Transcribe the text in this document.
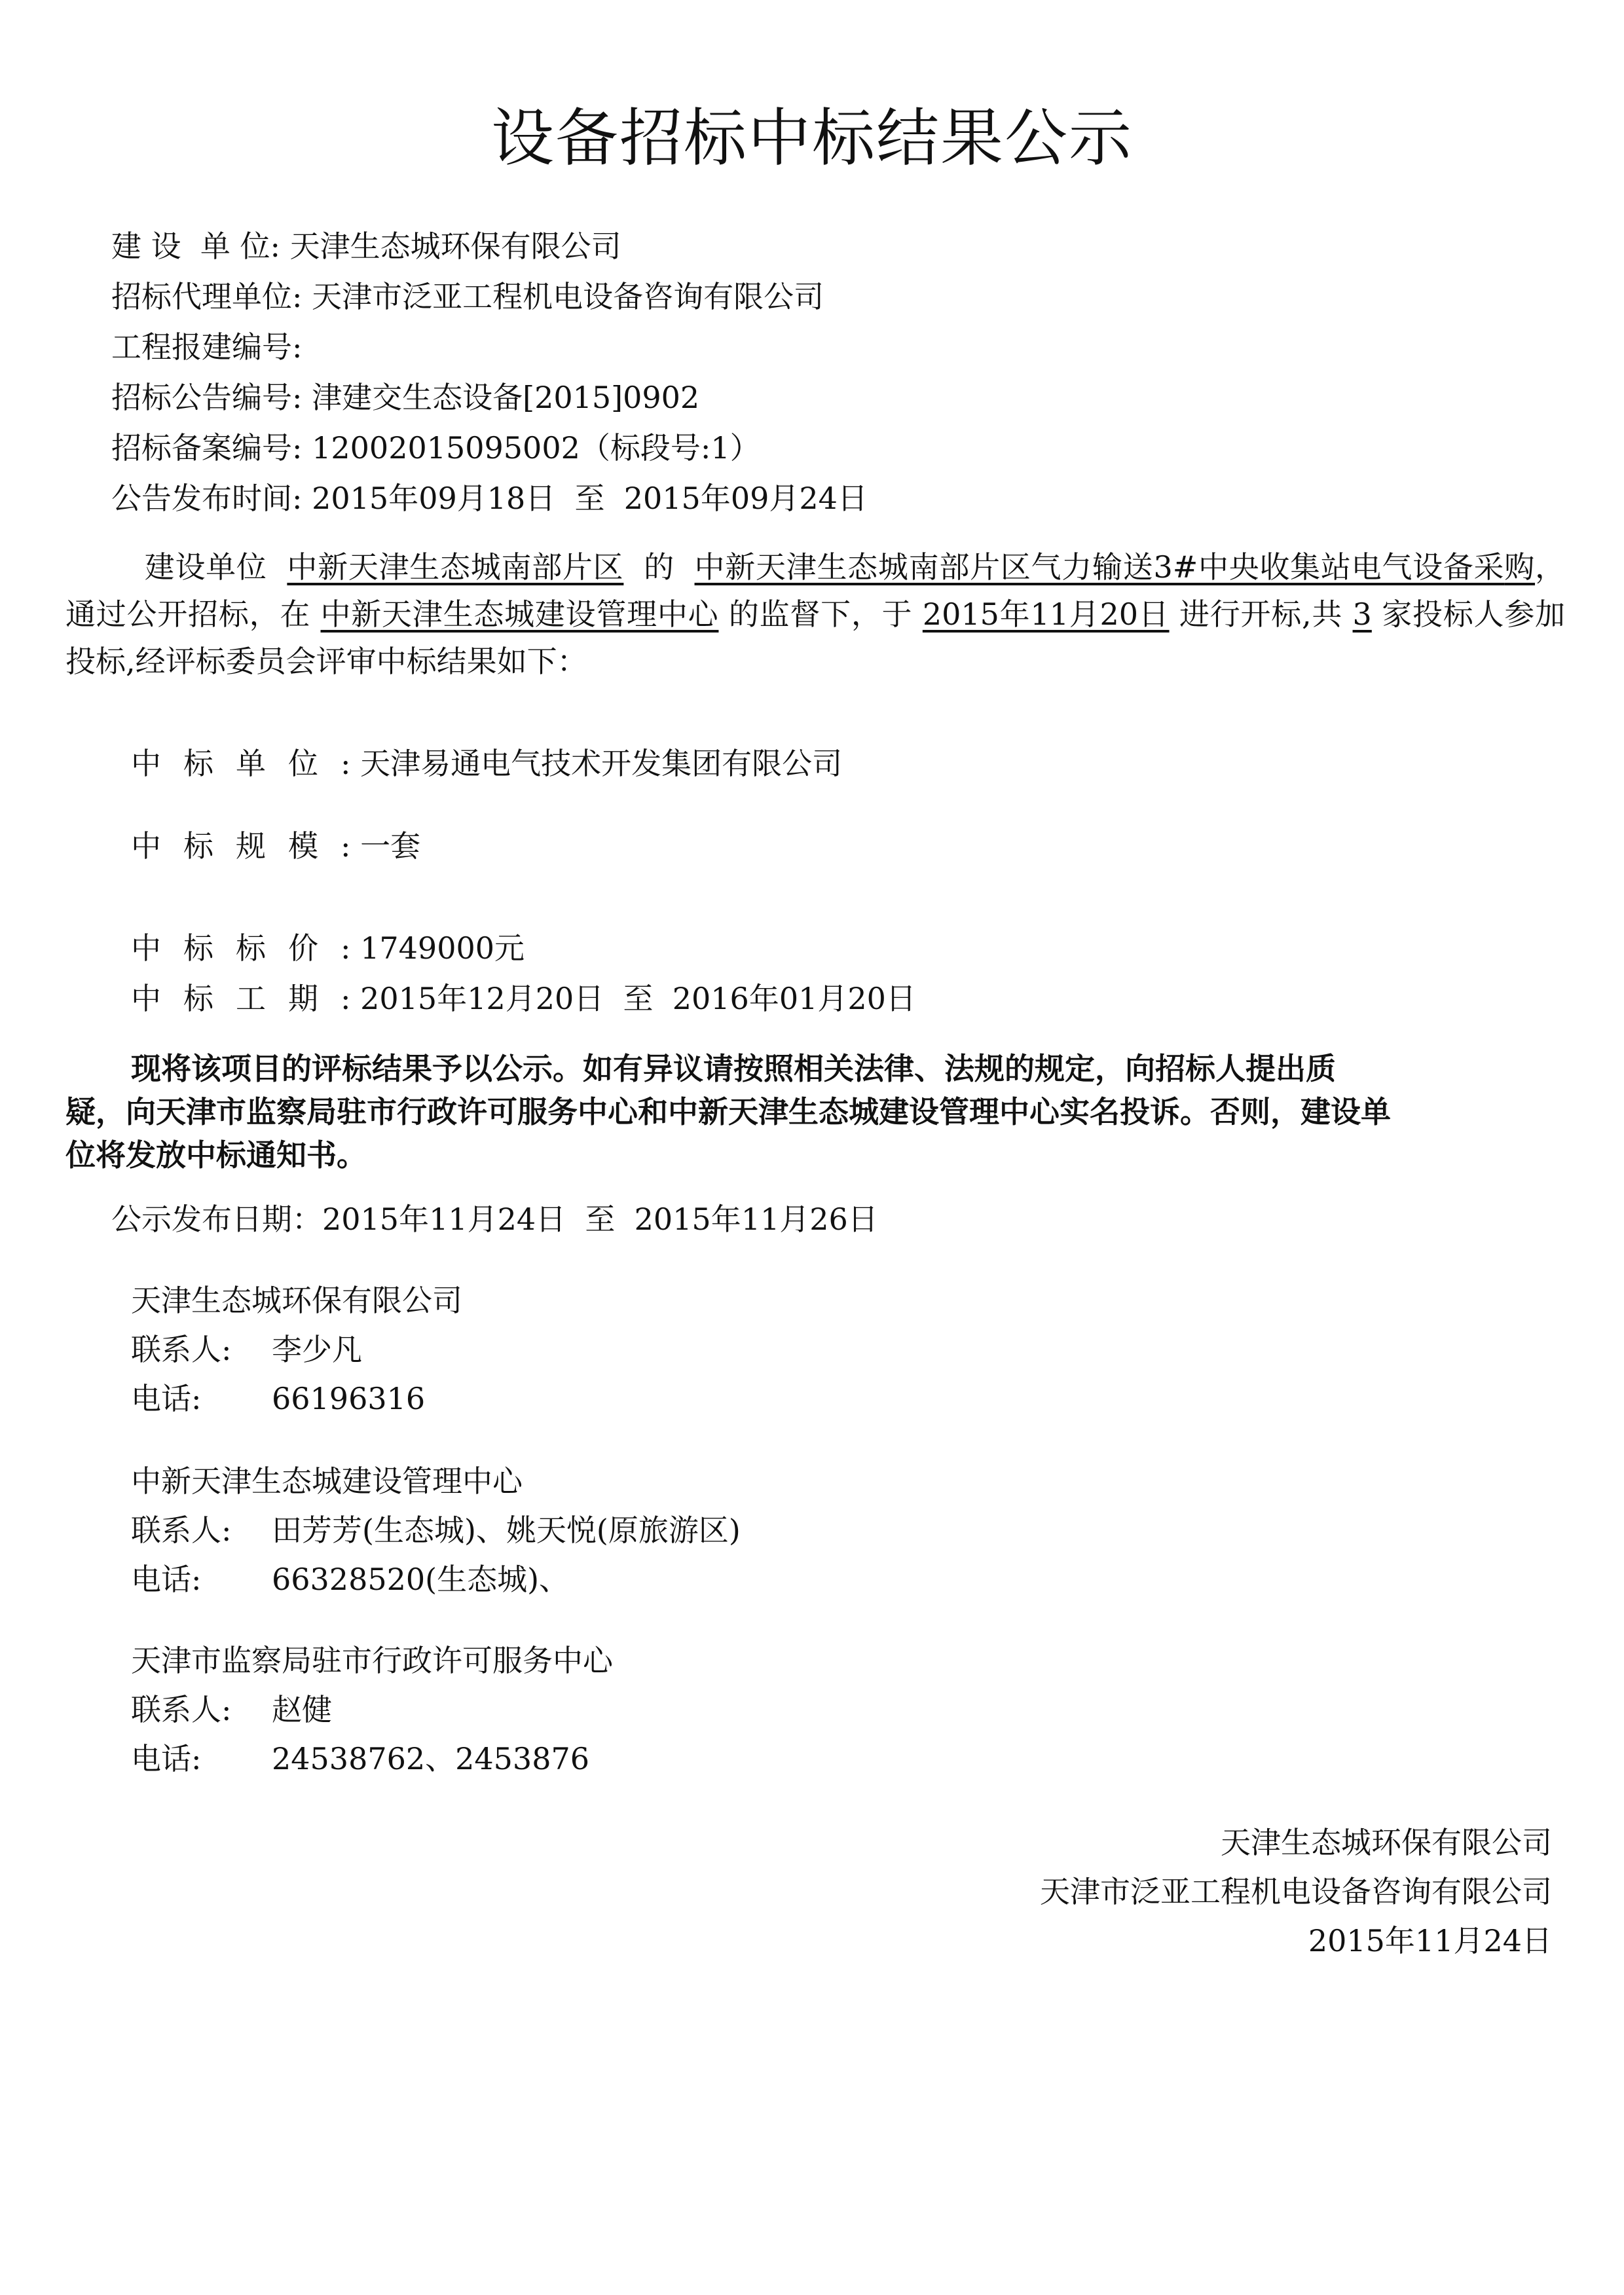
设备招标中标结果公示
建 设  单 位: 天津生态城环保有限公司
招标代理单位: 天津市泛亚工程机电设备咨询有限公司
工程报建编号:
招标公告编号: 津建交生态设备[2015]0902
招标备案编号: 12002015095002（标段号:1）
公告发布时间: 2015年09月18日  至  2015年09月24日
建设单位 中新天津生态城南部片区 的 中新天津生态城南部片区气力输送3#中央收集站电气设备采购，通过公开招标，在 中新天津生态城建设管理中心 的监督下，于 2015年11月20日 进行开标,共 3 家投标人参加投标,经评标委员会评审中标结果如下：
中标单位: 天津易通电气技术开发集团有限公司
中标规模: 一套
中标标价: 1749000元
中标工期: 2015年12月20日  至  2016年01月20日
现将该项目的评标结果予以公示。如有异议请按照相关法律、法规的规定，向招标人提出质
疑，向天津市监察局驻市行政许可服务中心和中新天津生态城建设管理中心实名投诉。否则，建设单
位将发放中标通知书。
公示发布日期：2015年11月24日  至  2015年11月26日
天津生态城环保有限公司
联系人: 李少凡
电话: 66196316
中新天津生态城建设管理中心
联系人: 田芳芳(生态城)、姚天悦(原旅游区)
电话: 66328520(生态城)、
天津市监察局驻市行政许可服务中心
联系人: 赵健
电话: 24538762、2453876
天津生态城环保有限公司
天津市泛亚工程机电设备咨询有限公司
2015年11月24日
